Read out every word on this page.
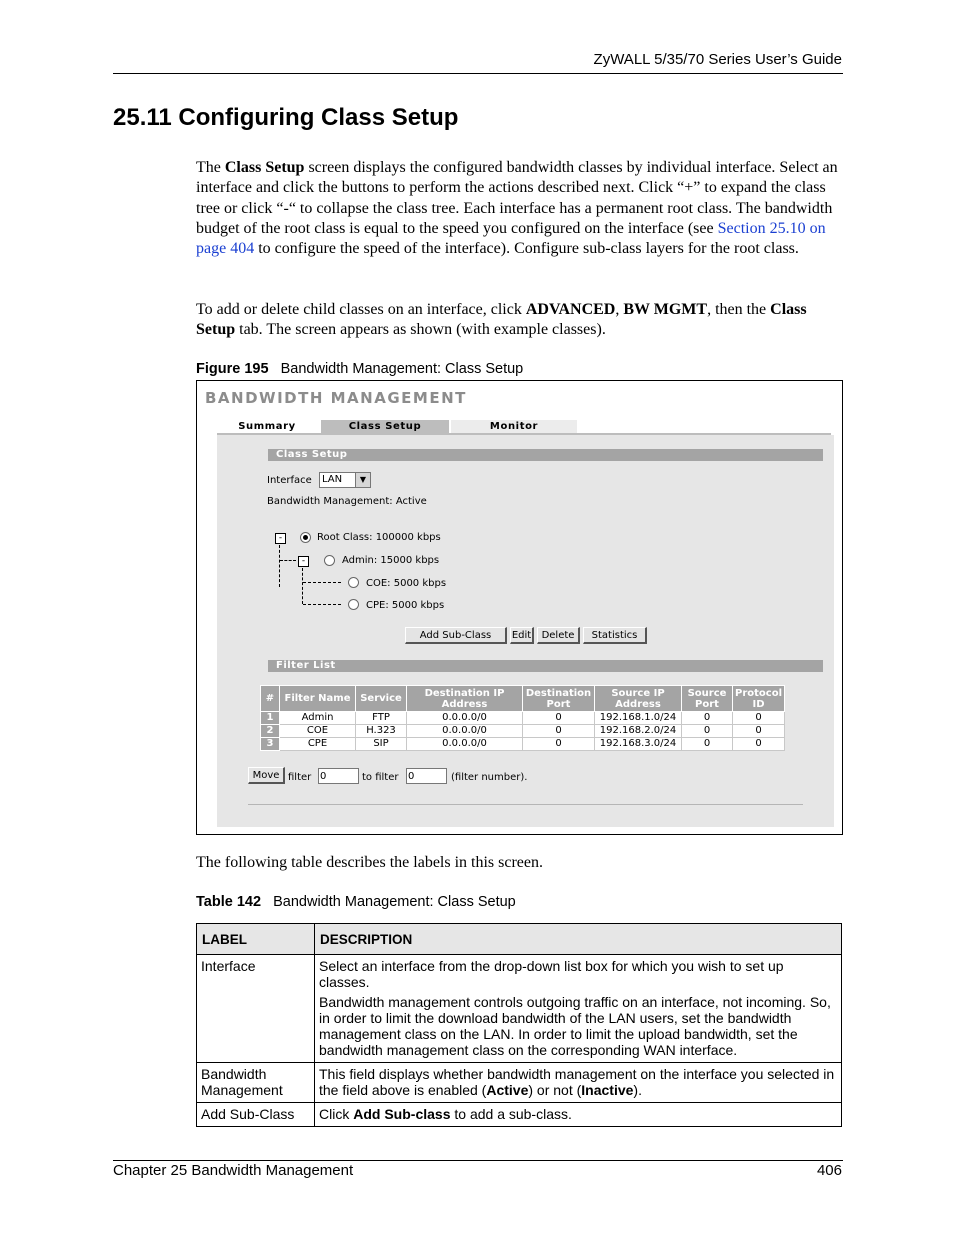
ZyWALL 5/35/70 Series User’s Guide
25.11 Configuring Class Setup
The Class Setup screen displays the configured bandwidth classes by individual interface. Select an interface and click the buttons to perform the actions described next. Click “+” to expand the class tree or click “-“ to collapse the class tree. Each interface has a permanent root class. The bandwidth budget of the root class is equal to the speed you configured on the interface (see Section 25.10 on page 404 to configure the speed of the interface). Configure sub-class layers for the root class.
To add or delete child classes on an interface, click ADVANCED, BW MGMT, then the Class Setup tab. The screen appears as shown (with example classes).
Figure 195 Bandwidth Management: Class Setup
BANDWIDTH MANAGEMENT
Summary	Class Setup	Monitor
Class Setup
Interface	LAN	▼
Bandwidth Management: Active
-	Root Class: 100000 kbps
-	Admin: 15000 kbps
COE: 5000 kbps
CPE: 5000 kbps
Add Sub-Class	Edit	Delete	Statistics
Filter List
#	Filter Name	Service	Destination IP Address	Destination Port	Source IP Address	Source Port	Protocol ID
1	Admin	FTP	0.0.0.0/0	0	192.168.1.0/24	0	0
2	COE	H.323	0.0.0.0/0	0	192.168.2.0/24	0	0
3	CPE	SIP	0.0.0.0/0	0	192.168.3.0/24	0	0
Move filter 0	to filter 0	(filter number).
The following table describes the labels in this screen.
Table 142 Bandwidth Management: Class Setup
LABEL	DESCRIPTION
Interface	Select an interface from the drop-down list box for which you wish to set up classes.

Bandwidth management controls outgoing traffic on an interface, not incoming. So, in order to limit the download bandwidth of the LAN users, set the bandwidth management class on the LAN. In order to limit the upload bandwidth, set the bandwidth management class on the corresponding WAN interface.

Bandwidth Management	This field displays whether bandwidth management on the interface you selected in the field above is enabled (Active) or not (Inactive).
Add Sub-Class	Click Add Sub-class to add a sub-class.
Chapter 25 Bandwidth Management	406
